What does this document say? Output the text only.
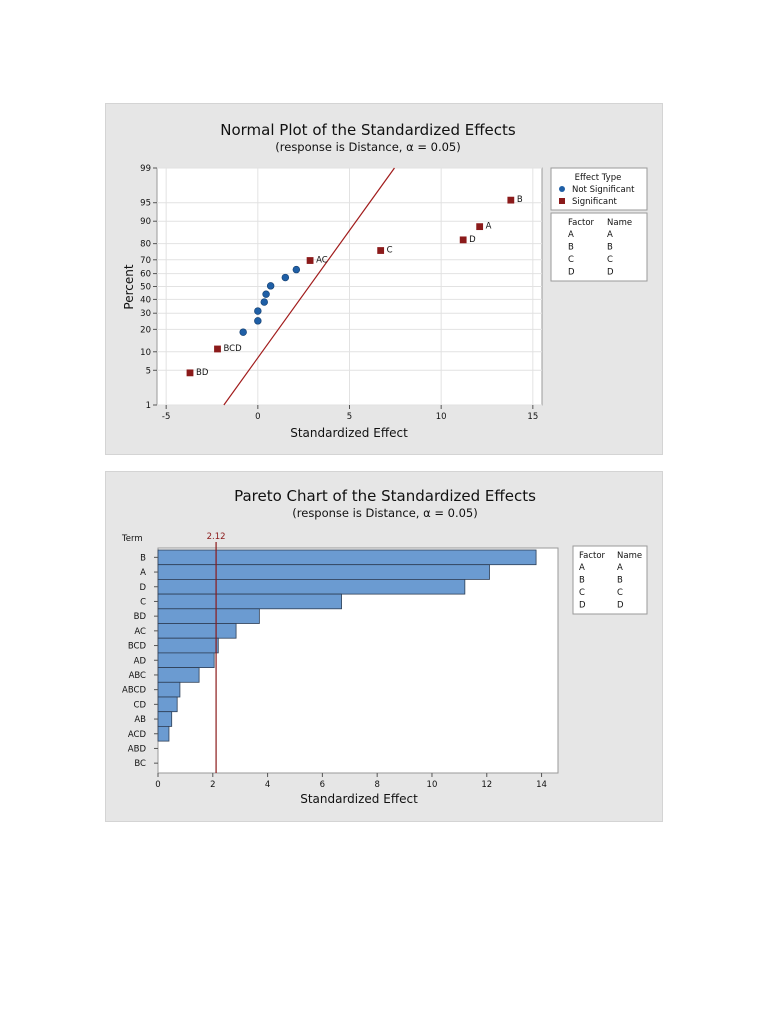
Normal Plot of the Standardized Effects
(response is Distance, α = 0.05)
BD
BCD
AC
C
D
A
B
-5	0	5	10	15
1
5
10
20
30
40
50
60
70
80
90
95
99
Standardized Effect
Percent
Effect Type
Not Significant
Significant
Factor Name
A	A
B	B
C	C
D	D
Pareto Chart of the Standardized Effects
(response is Distance, α = 0.05)
Term
B
A
D
C
BD
AC
BCD
AD
ABC
ABCD
CD
AB
ACD
ABD
BC
2.12
0	2	4	6	8	10	12	14
Standardized Effect
Factor Name
A	A
B	B
C	C
D	D
